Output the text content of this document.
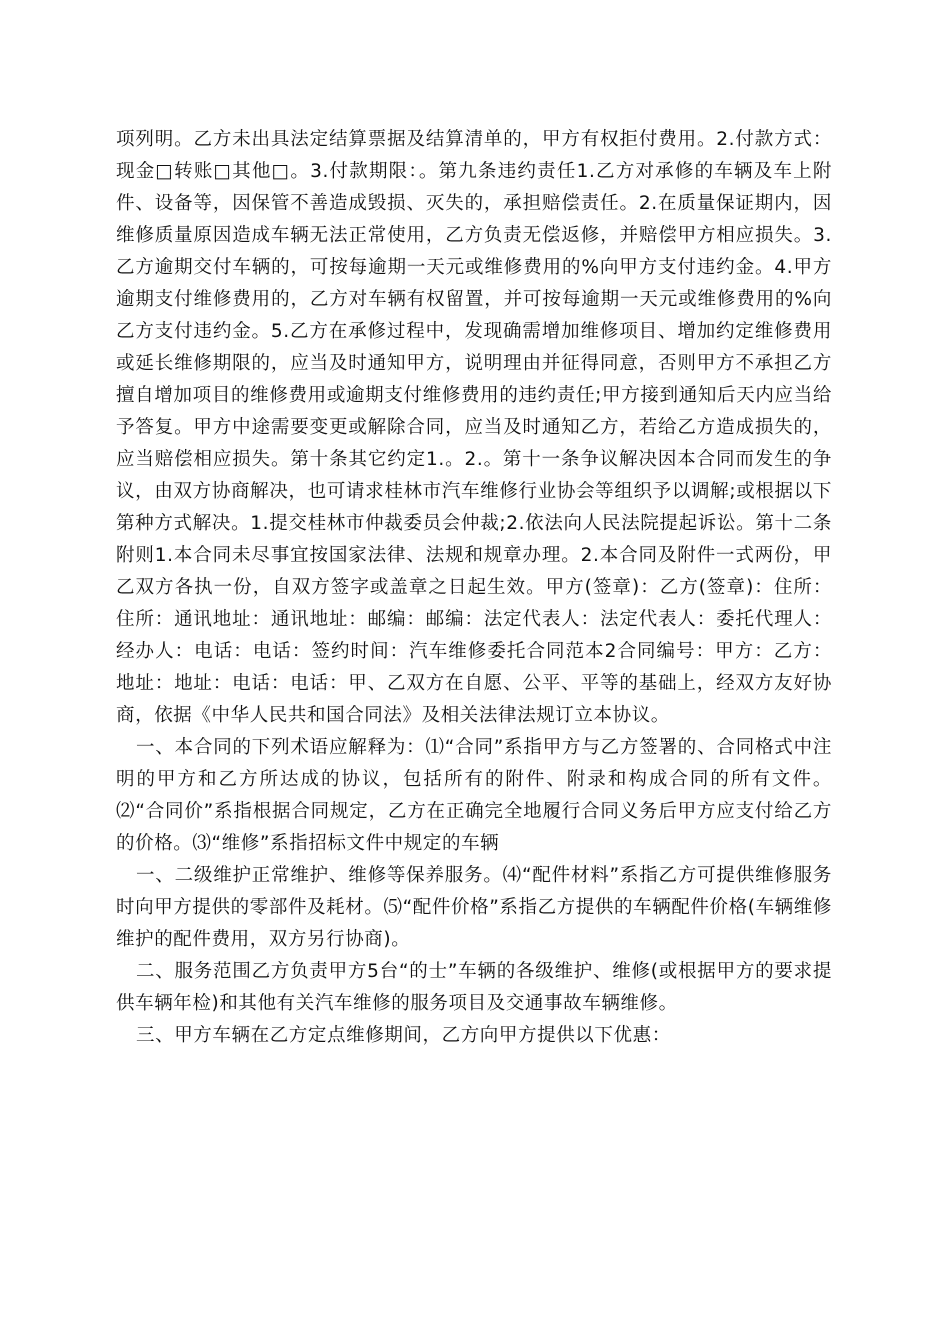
项列明。乙方未出具法定结算票据及结算清单的，甲方有权拒付费用。2.付款方式：现金□转账□其他□。3.付款期限：。第九条违约责任1.乙方对承修的车辆及车上附件、设备等，因保管不善造成毁损、灭失的，承担赔偿责任。2.在质量保证期内，因维修质量原因造成车辆无法正常使用，乙方负责无偿返修，并赔偿甲方相应损失。3.乙方逾期交付车辆的，可按每逾期一天元或维修费用的%向甲方支付违约金。4.甲方逾期支付维修费用的，乙方对车辆有权留置，并可按每逾期一天元或维修费用的%向乙方支付违约金。5.乙方在承修过程中，发现确需增加维修项目、增加约定维修费用或延长维修期限的，应当及时通知甲方，说明理由并征得同意，否则甲方不承担乙方擅自增加项目的维修费用或逾期支付维修费用的违约责任;甲方接到通知后天内应当给予答复。甲方中途需要变更或解除合同，应当及时通知乙方，若给乙方造成损失的，应当赔偿相应损失。第十条其它约定1.。2.。第十一条争议解决因本合同而发生的争议，由双方协商解决，也可请求桂林市汽车维修行业协会等组织予以调解;或根据以下第种方式解决。1.提交桂林市仲裁委员会仲裁;2.依法向人民法院提起诉讼。第十二条附则1.本合同未尽事宜按国家法律、法规和规章办理。2.本合同及附件一式两份，甲乙双方各执一份，自双方签字或盖章之日起生效。甲方(签章)：乙方(签章)：住所：住所：通讯地址：通讯地址：邮编：邮编：法定代表人：法定代表人：委托代理人：经办人：电话：电话：签约时间：汽车维修委托合同范本2合同编号：甲方：乙方：地址：地址：电话：电话：甲、乙双方在自愿、公平、平等的基础上，经双方友好协商，依据《中华人民共和国合同法》及相关法律法规订立本协议。

一、本合同的下列术语应解释为：⑴“合同”系指甲方与乙方签署的、合同格式中注明的甲方和乙方所达成的协议，包括所有的附件、附录和构成合同的所有文件。⑵“合同价”系指根据合同规定，乙方在正确完全地履行合同义务后甲方应支付给乙方的价格。⑶“维修”系指招标文件中规定的车辆

一、二级维护正常维护、维修等保养服务。⑷“配件材料”系指乙方可提供维修服务时向甲方提供的零部件及耗材。⑸“配件价格”系指乙方提供的车辆配件价格(车辆维修维护的配件费用，双方另行协商)。

二、服务范围乙方负责甲方5台“的士”车辆的各级维护、维修(或根据甲方的要求提供车辆年检)和其他有关汽车维修的服务项目及交通事故车辆维修。

三、甲方车辆在乙方定点维修期间，乙方向甲方提供以下优惠：
